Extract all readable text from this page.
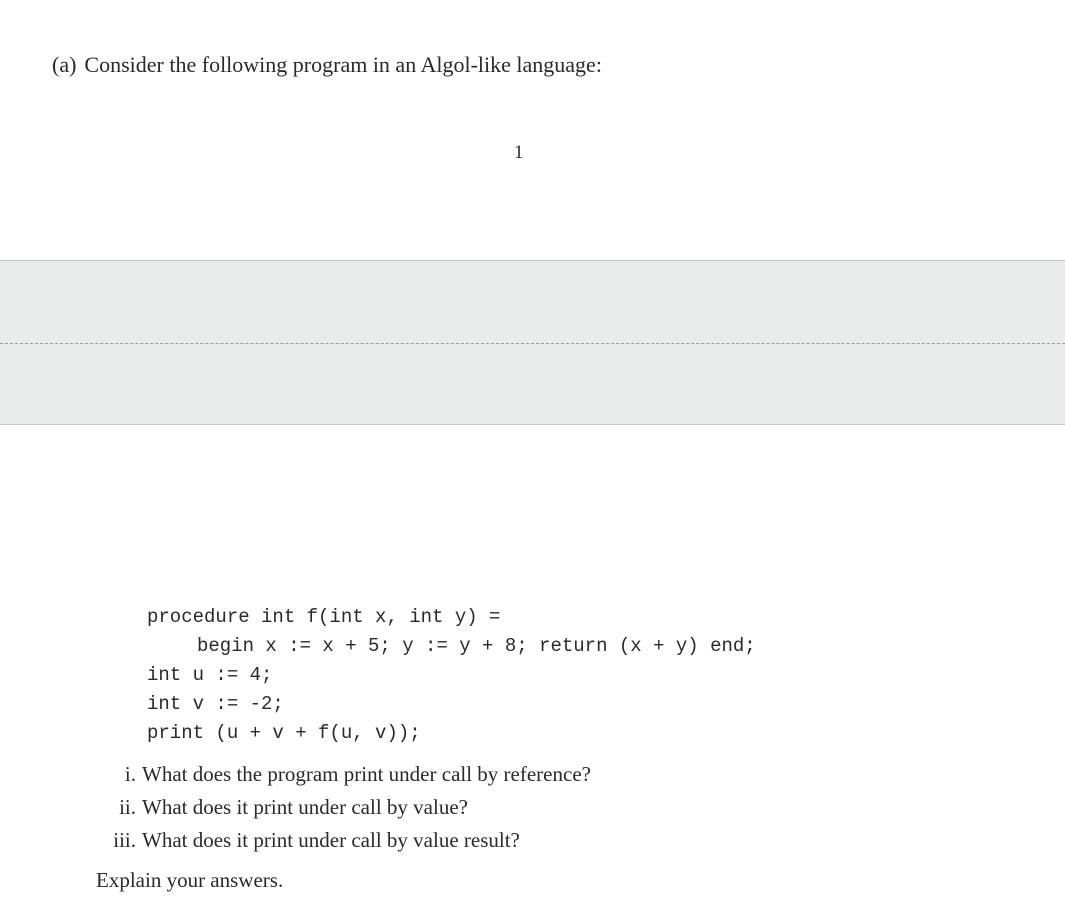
(a) Consider the following program in an Algol-like language:
1
procedure int f(int x, int y) =
begin x := x + 5; y := y + 8; return (x + y) end;
int u := 4;
int v := -2;
print (u + v + f(u, v));
i. What does the program print under call by reference?
ii. What does it print under call by value?
iii. What does it print under call by value result?
Explain your answers.
